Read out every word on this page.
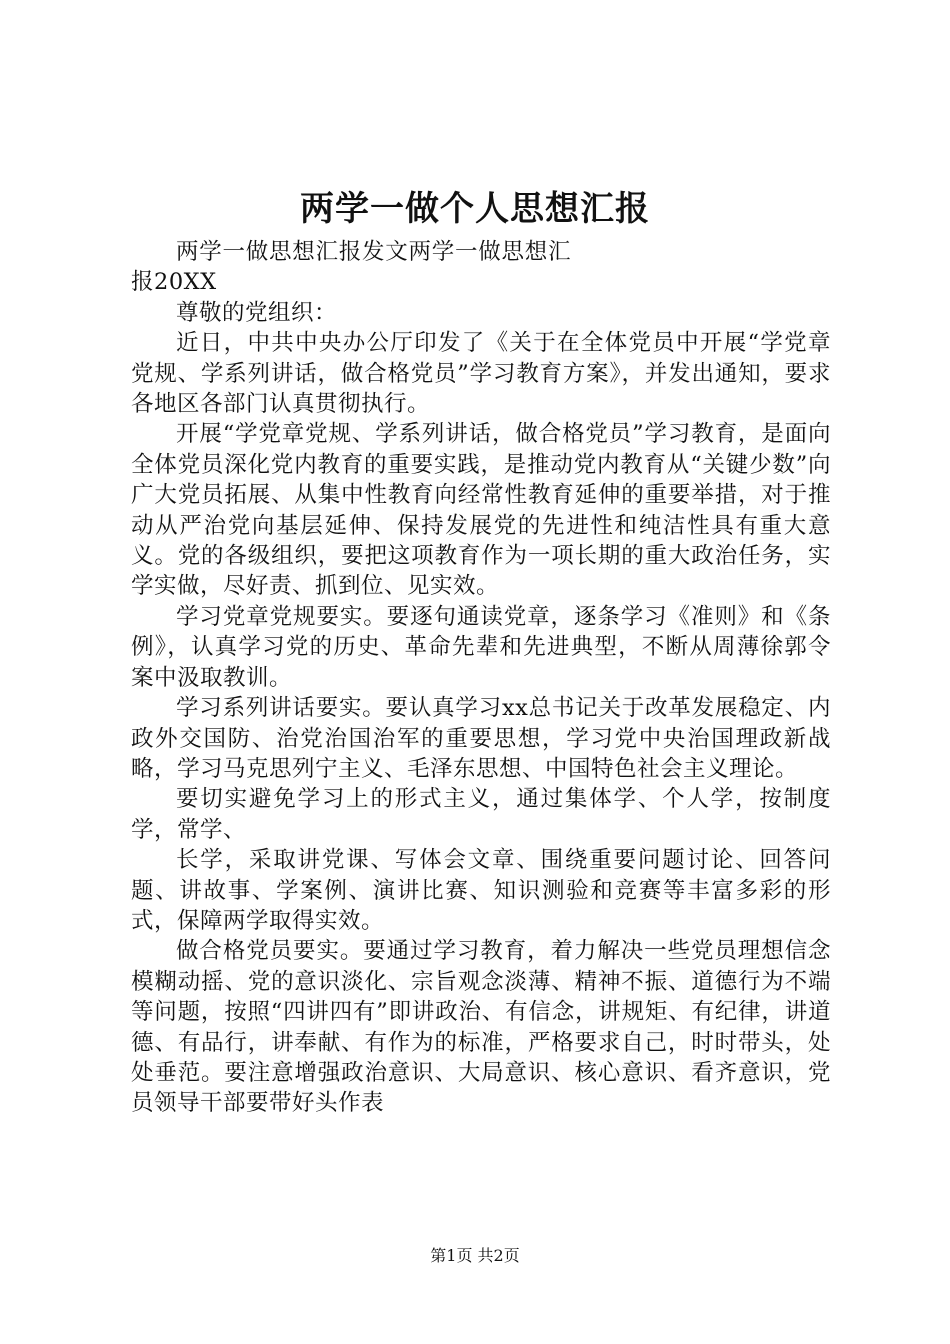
两学一做个人思想汇报

两学一做思想汇报发文两学一做思想汇报20XX

尊敬的党组织：

近日，中共中央办公厅印发了《关于在全体党员中开展“学党章党规、学系列讲话，做合格党员”学习教育方案》，并发出通知，要求各地区各部门认真贯彻执行。

开展“学党章党规、学系列讲话，做合格党员”学习教育，是面向全体党员深化党内教育的重要实践，是推动党内教育从“关键少数”向广大党员拓展、从集中性教育向经常性教育延伸的重要举措，对于推动从严治党向基层延伸、保持发展党的先进性和纯洁性具有重大意义。党的各级组织，要把这项教育作为一项长期的重大政治任务，实学实做，尽好责、抓到位、见实效。

学习党章党规要实。要逐句通读党章，逐条学习《准则》和《条例》，认真学习党的历史、革命先辈和先进典型，不断从周薄徐郭令案中汲取教训。

学习系列讲话要实。要认真学习xx总书记关于改革发展稳定、内政外交国防、治党治国治军的重要思想，学习党中央治国理政新战略，学习马克思列宁主义、毛泽东思想、中国特色社会主义理论。

要切实避免学习上的形式主义，通过集体学、个人学，按制度学，常学、

长学，采取讲党课、写体会文章、围绕重要问题讨论、回答问题、讲故事、学案例、演讲比赛、知识测验和竞赛等丰富多彩的形式，保障两学取得实效。

做合格党员要实。要通过学习教育，着力解决一些党员理想信念模糊动摇、党的意识淡化、宗旨观念淡薄、精神不振、道德行为不端等问题，按照“四讲四有”即讲政治、有信念，讲规矩、有纪律，讲道德、有品行，讲奉献、有作为的标准，严格要求自己，时时带头，处处垂范。要注意增强政治意识、大局意识、核心意识、看齐意识，党员领导干部要带好头作表

第1页 共2页
